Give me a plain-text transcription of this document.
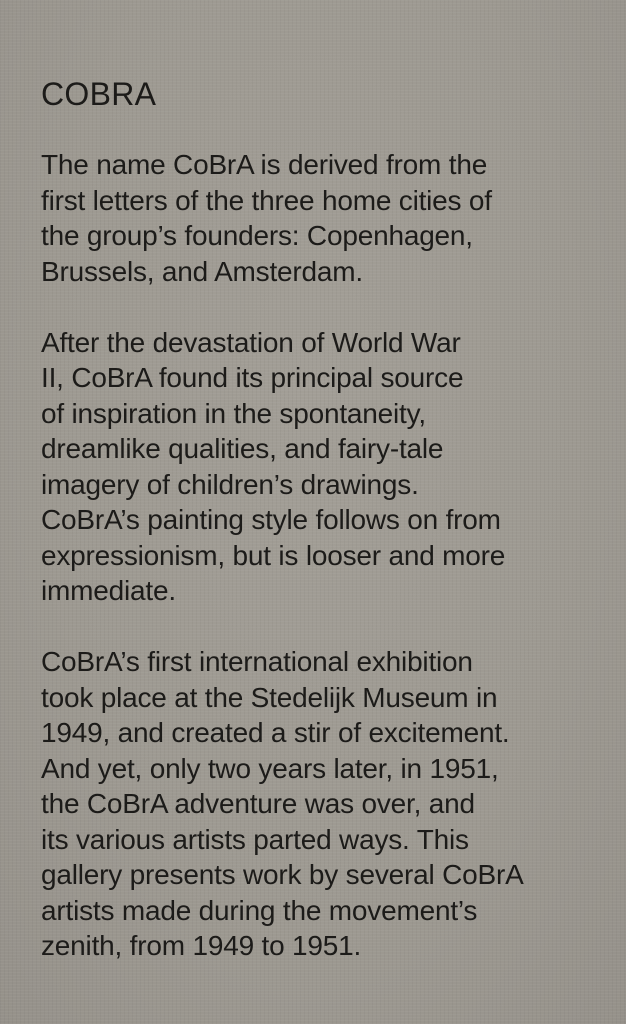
COBRA

The name CoBrA is derived from the
first letters of the three home cities of
the group’s founders: Copenhagen,
Brussels, and Amsterdam.

After the devastation of World War
II, CoBrA found its principal source
of inspiration in the spontaneity,
dreamlike qualities, and fairy-tale
imagery of children’s drawings.
CoBrA’s painting style follows on from
expressionism, but is looser and more
immediate.

CoBrA’s first international exhibition
took place at the Stedelijk Museum in
1949, and created a stir of excitement.
And yet, only two years later, in 1951,
the CoBrA adventure was over, and
its various artists parted ways. This
gallery presents work by several CoBrA
artists made during the movement’s
zenith, from 1949 to 1951.
